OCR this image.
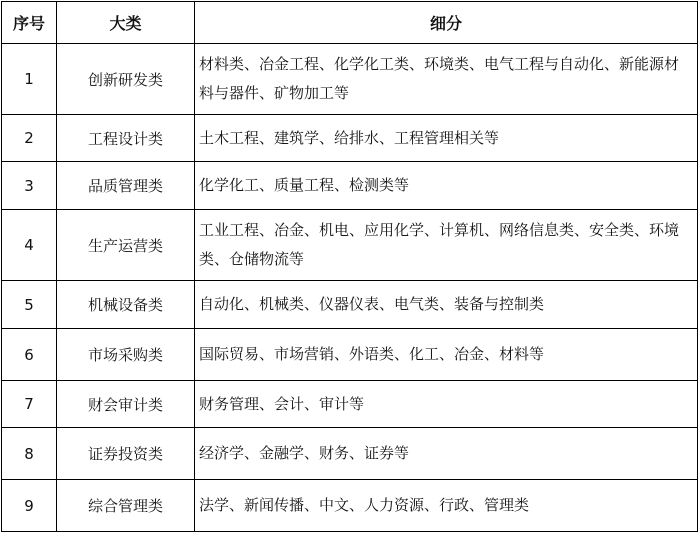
序号	大类	细分
1	创新研发类	材料类、冶金工程、化学化工类、环境类、电气工程与自动化、新能源材料与器件、矿物加工等
2	工程设计类	土木工程、建筑学、给排水、工程管理相关等
3	品质管理类	化学化工、质量工程、检测类等
4	生产运营类	工业工程、冶金、机电、应用化学、计算机、网络信息类、安全类、环境类、仓储物流等
5	机械设备类	自动化、机械类、仪器仪表、电气类、装备与控制类
6	市场采购类	国际贸易、市场营销、外语类、化工、冶金、材料等
7	财会审计类	财务管理、会计、审计等
8	证券投资类	经济学、金融学、财务、证券等
9	综合管理类	法学、新闻传播、中文、人力资源、行政、管理类
